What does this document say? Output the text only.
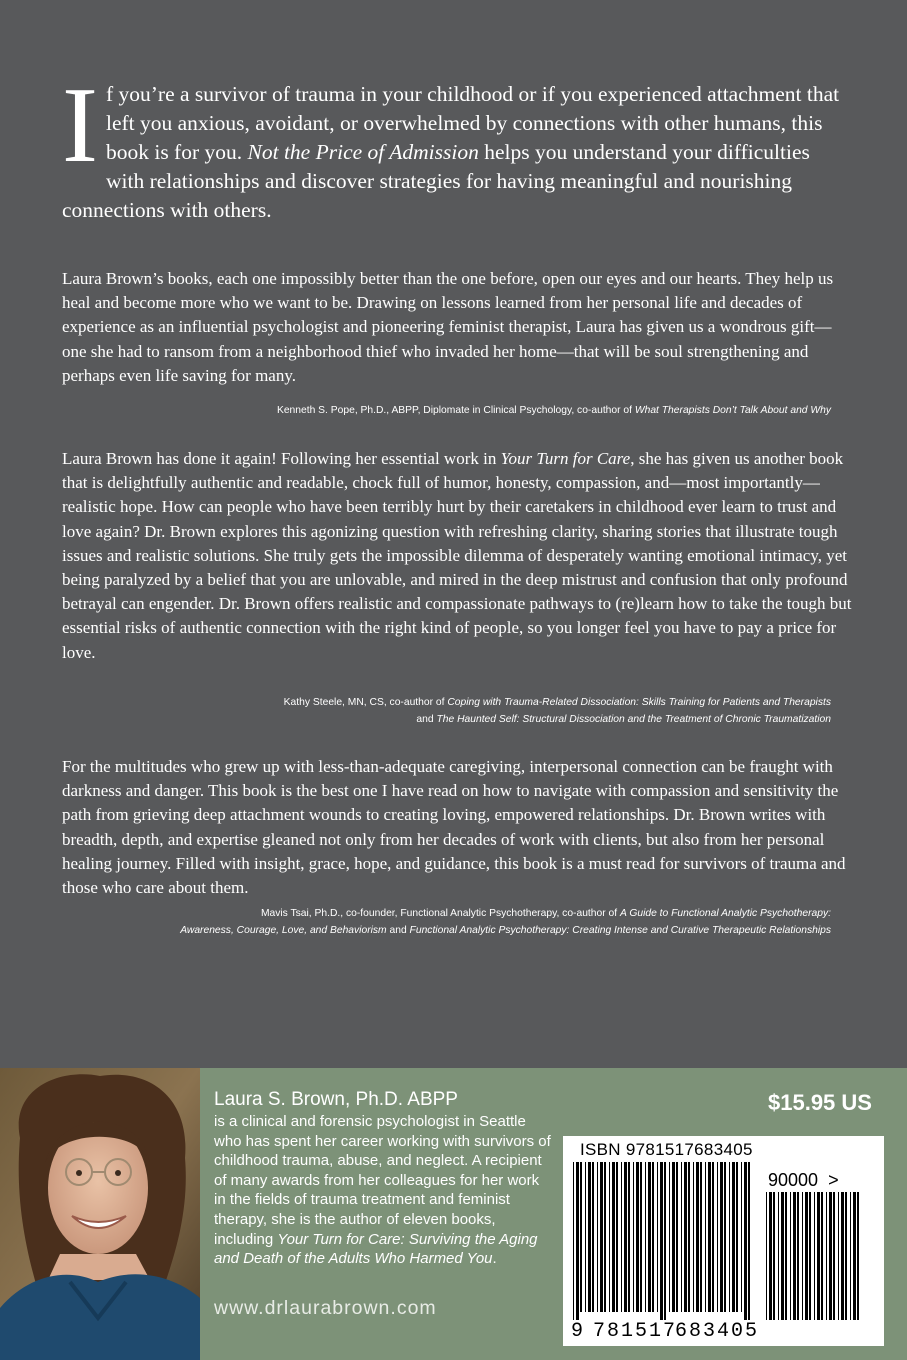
If you’re a survivor of trauma in your childhood or if you experienced attachment that left you anxious, avoidant, or overwhelmed by connections with other humans, this book is for you. Not the Price of Admission helps you understand your difficulties with relationships and discover strategies for having meaningful and nourishing connections with others.
Laura Brown’s books, each one impossibly better than the one before, open our eyes and our hearts. They help us heal and become more who we want to be. Drawing on lessons learned from her personal life and decades of experience as an influential psychologist and pioneering feminist therapist, Laura has given us a wondrous gift—one she had to ransom from a neighborhood thief who invaded her home—that will be soul strengthening and perhaps even life saving for many.
Kenneth S. Pope, Ph.D., ABPP, Diplomate in Clinical Psychology, co-author of What Therapists Don’t Talk About and Why
Laura Brown has done it again! Following her essential work in Your Turn for Care, she has given us another book that is delightfully authentic and readable, chock full of humor, honesty, compassion, and—most importantly—realistic hope. How can people who have been terribly hurt by their caretakers in childhood ever learn to trust and love again? Dr. Brown explores this agonizing question with refreshing clarity, sharing stories that illustrate tough issues and realistic solutions. She truly gets the impossible dilemma of desperately wanting emotional intimacy, yet being paralyzed by a belief that you are unlovable, and mired in the deep mistrust and confusion that only profound betrayal can engender. Dr. Brown offers realistic and compassionate pathways to (re)learn how to take the tough but essential risks of authentic connection with the right kind of people, so you longer feel you have to pay a price for love.
Kathy Steele, MN, CS, co-author of Coping with Trauma-Related Dissociation: Skills Training for Patients and Therapists
and The Haunted Self: Structural Dissociation and the Treatment of Chronic Traumatization
For the multitudes who grew up with less-than-adequate caregiving, interpersonal connection can be fraught with darkness and danger. This book is the best one I have read on how to navigate with compassion and sensitivity the path from grieving deep attachment wounds to creating loving, empowered relationships. Dr. Brown writes with breadth, depth, and expertise gleaned not only from her decades of work with clients, but also from her personal healing journey. Filled with insight, grace, hope, and guidance, this book is a must read for survivors of trauma and those who care about them.
Mavis Tsai, Ph.D., co-founder, Functional Analytic Psychotherapy, co-author of A Guide to Functional Analytic Psychotherapy:
Awareness, Courage, Love, and Behaviorism and Functional Analytic Psychotherapy: Creating Intense and Curative Therapeutic Relationships
Laura S. Brown, Ph.D. ABPP
is a clinical and forensic psychologist in Seattle who has spent her career working with survivors of childhood trauma, abuse, and neglect. A recipient of many awards from her colleagues for her work in the fields of trauma treatment and feminist therapy, she is the author of eleven books, including Your Turn for Care: Surviving the Aging and Death of the Adults Who Harmed You.
www.drlaurabrown.com
$15.95 US
ISBN 9781517683405
90000 >
9 781517
683405
